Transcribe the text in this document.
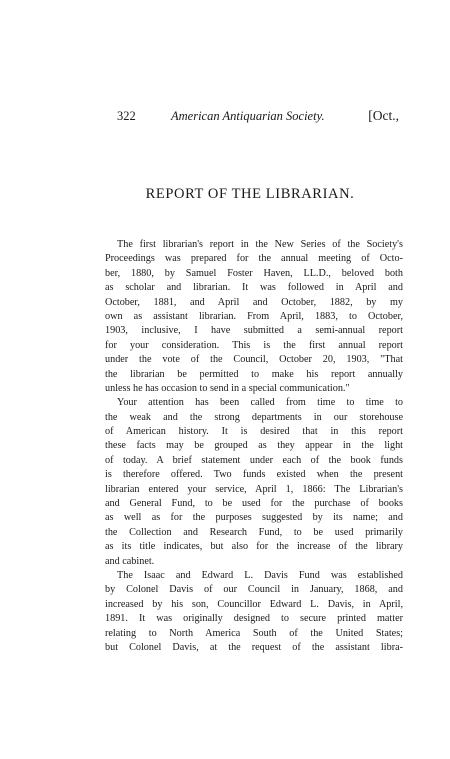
322	American Antiquarian Society.	[Oct.,
REPORT OF THE LIBRARIAN.
The first librarian's report in the New Series of the Society's
Proceedings was prepared for the annual meeting of Octo-
ber, 1880, by Samuel Foster Haven, LL.D., beloved both
as scholar and librarian. It was followed in April and
October, 1881, and April and October, 1882, by my
own as assistant librarian. From April, 1883, to October,
1903, inclusive, I have submitted a semi-annual report
for your consideration. This is the first annual report
under the vote of the Council, October 20, 1903, "That
the librarian be permitted to make his report annually
unless he has occasion to send in a special communication."
Your attention has been called from time to time to
the weak and the strong departments in our storehouse
of American history. It is desired that in this report
these facts may be grouped as they appear in the light
of today. A brief statement under each of the book funds
is therefore offered. Two funds existed when the present
librarian entered your service, April 1, 1866: The Librarian's
and General Fund, to be used for the purchase of books
as well as for the purposes suggested by its name; and
the Collection and Research Fund, to be used primarily
as its title indicates, but also for the increase of the library
and cabinet.
The Isaac and Edward L. Davis Fund was established
by Colonel Davis of our Council in January, 1868, and
increased by his son, Councillor Edward L. Davis, in April,
1891. It was originally designed to secure printed matter
relating to North America South of the United States;
but Colonel Davis, at the request of the assistant libra-
